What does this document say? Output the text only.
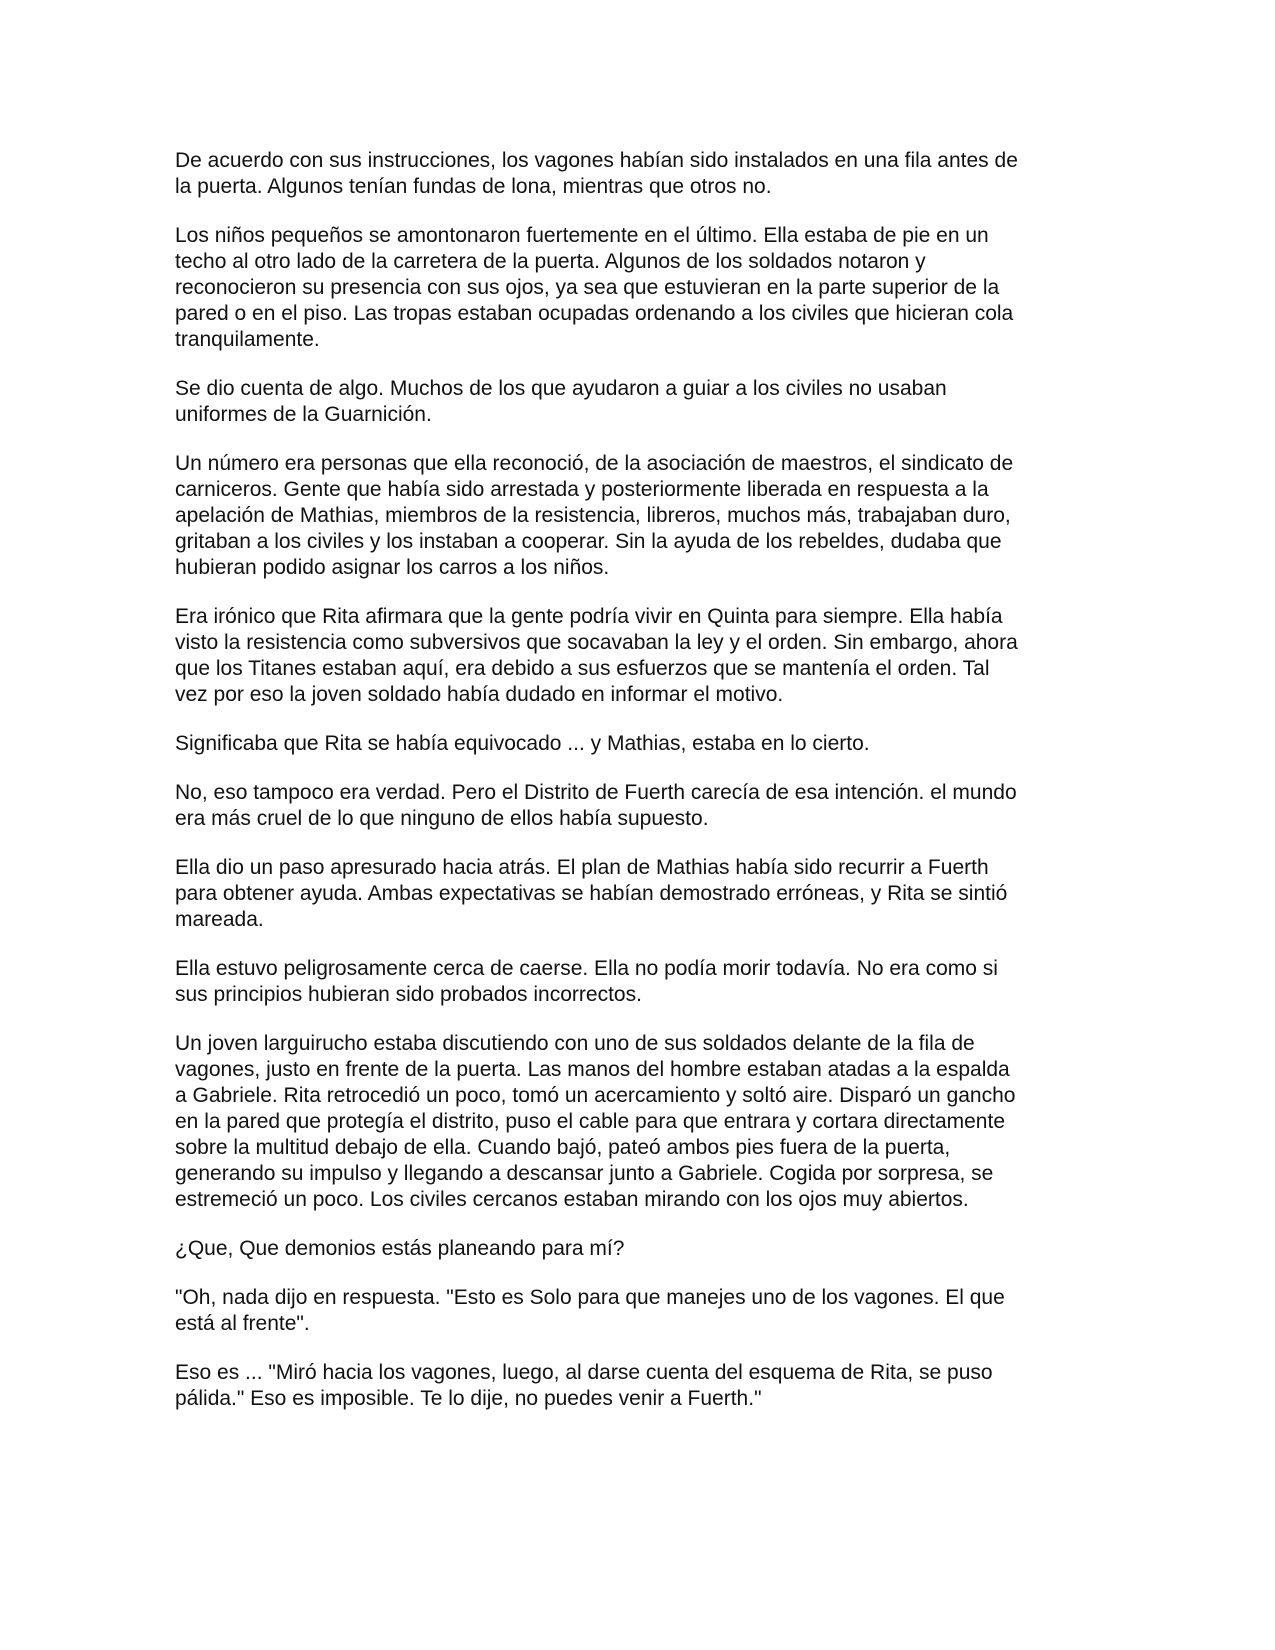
De acuerdo con sus instrucciones, los vagones habían sido instalados en una fila antes de
la puerta. Algunos tenían fundas de lona, mientras que otros no.

Los niños pequeños se amontonaron fuertemente en el último. Ella estaba de pie en un
techo al otro lado de la carretera de la puerta. Algunos de los soldados notaron y
reconocieron su presencia con sus ojos, ya sea que estuvieran en la parte superior de la
pared o en el piso. Las tropas estaban ocupadas ordenando a los civiles que hicieran cola
tranquilamente.

Se dio cuenta de algo. Muchos de los que ayudaron a guiar a los civiles no usaban
uniformes de la Guarnición.

Un número era personas que ella reconoció, de la asociación de maestros, el sindicato de
carniceros. Gente que había sido arrestada y posteriormente liberada en respuesta a la
apelación de Mathias, miembros de la resistencia, libreros, muchos más, trabajaban duro,
gritaban a los civiles y los instaban a cooperar. Sin la ayuda de los rebeldes, dudaba que
hubieran podido asignar los carros a los niños.

Era irónico que Rita afirmara que la gente podría vivir en Quinta para siempre. Ella había
visto la resistencia como subversivos que socavaban la ley y el orden. Sin embargo, ahora
que los Titanes estaban aquí, era debido a sus esfuerzos que se mantenía el orden. Tal
vez por eso la joven soldado había dudado en informar el motivo.

Significaba que Rita se había equivocado ... y Mathias, estaba en lo cierto.

No, eso tampoco era verdad. Pero el Distrito de Fuerth carecía de esa intención. el mundo
era más cruel de lo que ninguno de ellos había supuesto.

Ella dio un paso apresurado hacia atrás. El plan de Mathias había sido recurrir a Fuerth
para obtener ayuda. Ambas expectativas se habían demostrado erróneas, y Rita se sintió
mareada.

Ella estuvo peligrosamente cerca de caerse. Ella no podía morir todavía. No era como si
sus principios hubieran sido probados incorrectos.

Un joven larguirucho estaba discutiendo con uno de sus soldados delante de la fila de
vagones, justo en frente de la puerta. Las manos del hombre estaban atadas a la espalda
a Gabriele. Rita retrocedió un poco, tomó un acercamiento y soltó aire. Disparó un gancho
en la pared que protegía el distrito, puso el cable para que entrara y cortara directamente
sobre la multitud debajo de ella. Cuando bajó, pateó ambos pies fuera de la puerta,
generando su impulso y llegando a descansar junto a Gabriele. Cogida por sorpresa, se
estremeció un poco. Los civiles cercanos estaban mirando con los ojos muy abiertos.

¿Que, Que demonios estás planeando para mí?

"Oh, nada dijo en respuesta. "Esto es Solo para que manejes uno de los vagones. El que
está al frente".

Eso es ... "Miró hacia los vagones, luego, al darse cuenta del esquema de Rita, se puso
pálida." Eso es imposible. Te lo dije, no puedes venir a Fuerth."
